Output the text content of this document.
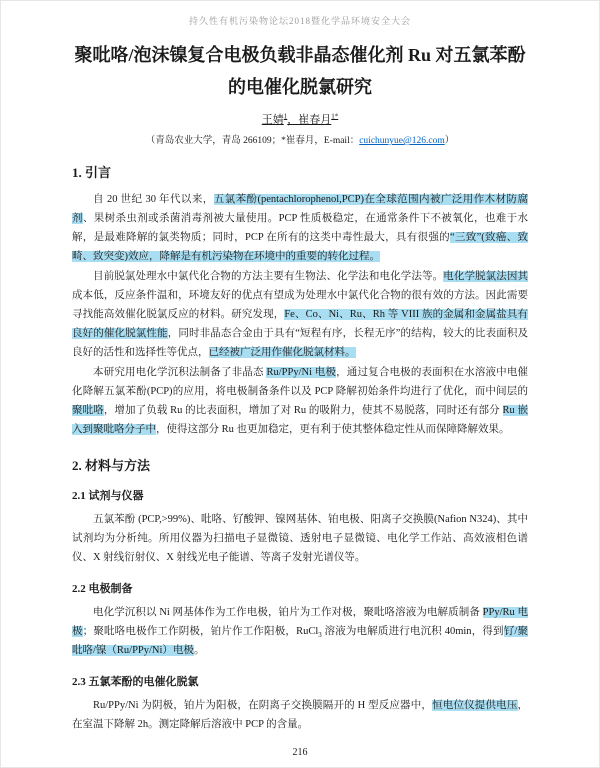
持久性有机污染物论坛2018暨化学品环境安全大会
聚吡咯/泡沫镍复合电极负载非晶态催化剂 Ru 对五氯苯酚的电催化脱氯研究
王婧$^1$，崔春月$^{1*}$
（青岛农业大学，青岛 266109；*崔春月，E-mail：cuichunyue@126.com）
1. 引言

自 20 世纪 30 年代以来，五氯苯酚(pentachlorophenol,PCP)在全球范围内被广泛用作木材防腐剂、果树杀虫剂或杀菌消毒剂被大量使用。PCP 性质极稳定，在通常条件下不被氧化，也难于水解，是最难降解的氯类物质；同时，PCP 在所有的这类中毒性最大，具有很强的“三致”(致癌、致畸、致突变)效应，降解是有机污染物在环境中的重要的转化过程。

目前脱氯处理水中氯代化合物的方法主要有生物法、化学法和电化学法等。电化学脱氯法因其成本低，反应条件温和，环境友好的优点有望成为处理水中氯代化合物的很有效的方法。因此需要寻找能高效催化脱氯反应的材料。研究发现，Fe、Co、Ni、Ru、Rh 等 VIII 族的金属和金属盐具有良好的催化脱氯性能，同时非晶态合金由于具有“短程有序，长程无序”的结构，较大的比表面积及良好的活性和选择性等优点，已经被广泛用作催化脱氯材料。

本研究用电化学沉积法制备了非晶态 Ru/PPy/Ni 电极，通过复合电极的表面积在水溶液中电催化降解五氯苯酚(PCP)的应用，将电极制备条件以及 PCP 降解初始条件均进行了优化，而中间层的聚吡咯，增加了负载 Ru 的比表面积，增加了对 Ru 的吸附力，使其不易脱落，同时还有部分 Ru 嵌入到聚吡咯分子中，使得这部分 Ru 也更加稳定，更有利于使其整体稳定性从而保障降解效果。

2. 材料与方法
2.1 试剂与仪器

五氯苯酚 (PCP,>99%)、吡咯、钌酸钾、镍网基体、铂电极、阳离子交换膜(Nafion N324)、其中试剂均为分析纯。所用仪器为扫描电子显微镜、透射电子显微镜、电化学工作站、高效液相色谱仪、X 射线衍射仪、X 射线光电子能谱、等离子发射光谱仪等。

2.2 电极制备

电化学沉积以 Ni 网基体作为工作电极，铂片为工作对极，聚吡咯溶液为电解质制备 PPy/Ru 电极；聚吡咯电极作工作阴极，铂片作工作阳极，RuCl$_3$ 溶液为电解质进行电沉积 40min，得到钌/聚吡咯/镍（Ru/PPy/Ni）电极。

2.3 五氯苯酚的电催化脱氯

Ru/PPy/Ni 为阴极，铂片为阳极，在阴离子交换膜隔开的 H 型反应器中，恒电位仪提供电压，在室温下降解 2h。测定降解后溶液中 PCP 的含量。

216
